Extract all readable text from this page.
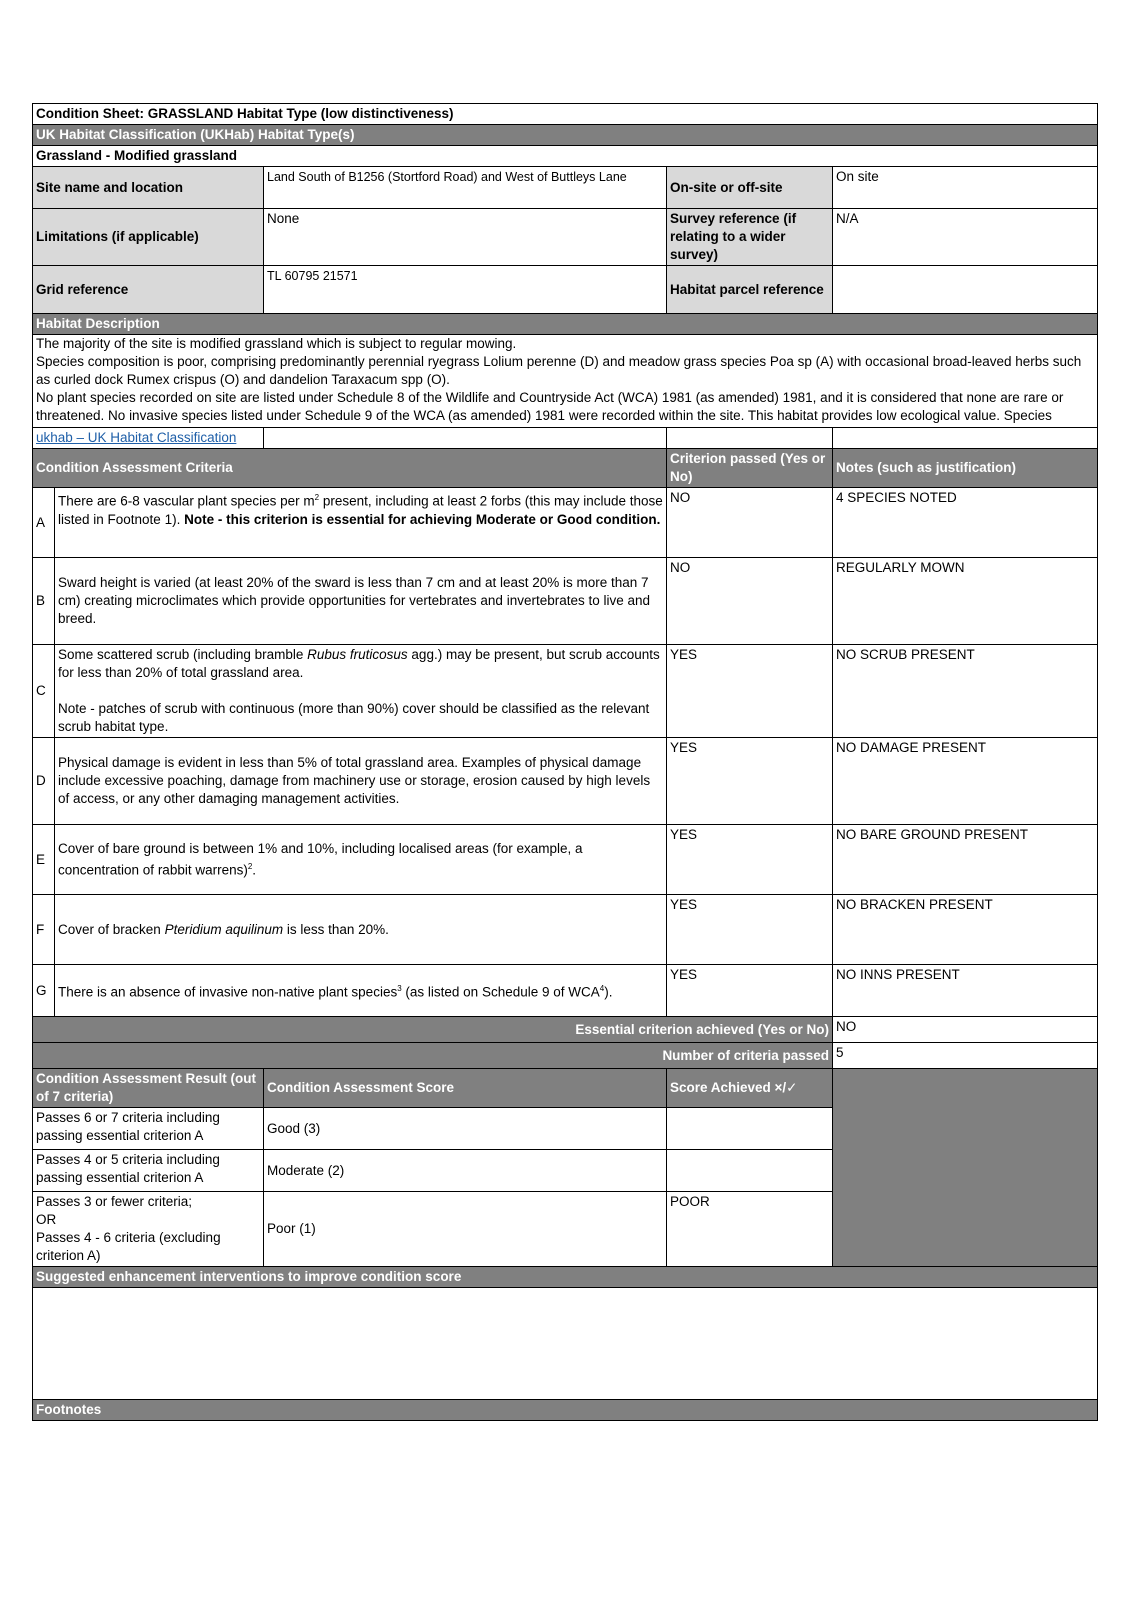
Condition Sheet: GRASSLAND Habitat Type (low distinctiveness)				
UK Habitat Classification (UKHab) Habitat Type(s)				
Grassland - Modified grassland				
Site name and location		Land South of B1256 (Stortford Road) and West of Buttleys Lane	On-site or off-site	On site
Limitations (if applicable)		None	Survey reference (if relating to a wider survey)	N/A
Grid reference		TL 60795 21571	Habitat parcel reference	
Habitat Description				

The majority of the site is modified grassland which is subject to regular mowing.
Species composition is poor, comprising predominantly perennial ryegrass Lolium perenne (D) and meadow grass species Poa sp (A) with occasional broad-leaved herbs such as curled dock Rumex crispus (O) and dandelion Taraxacum spp (O).
No plant species recorded on site are listed under Schedule 8 of the Wildlife and Countryside Act (WCA) 1981 (as amended) 1981, and it is considered that none are rare or threatened. No invasive species listed under Schedule 9 of the WCA (as amended) 1981 were recorded within the site. This habitat provides low ecological value. Species				

ukhab – UK Habitat Classification				
Condition Assessment Criteria			Criterion passed (Yes or No)	Notes (such as justification)
A	There are 6-8 vascular plant species per $m^2$ present, including at least 2 forbs (this may include those listed in Footnote 1). Note - this criterion is essential for achieving Moderate or Good condition.		NO	4 SPECIES NOTED
B	Sward height is varied (at least 20% of the sward is less than 7 cm and at least 20% is more than 7 cm) creating microclimates which provide opportunities for vertebrates and invertebrates to live and breed.		NO	REGULARLY MOWN
C	Some scattered scrub (including bramble Rubus fruticosus agg.) may be present, but scrub accounts for less than 20% of total grassland area.

Note - patches of scrub with continuous (more than 90%) cover should be classified as the relevant scrub habitat type.		YES	NO SCRUB PRESENT
D	Physical damage is evident in less than 5% of total grassland area. Examples of physical damage include excessive poaching, damage from machinery use or storage, erosion caused by high levels of access, or any other damaging management activities.		YES	NO DAMAGE PRESENT
E	Cover of bare ground is between 1% and 10%, including localised areas (for example, a concentration of rabbit warrens)$^2$.		YES	NO BARE GROUND PRESENT
F	Cover of bracken Pteridium aquilinum is less than 20%.		YES	NO BRACKEN PRESENT
G	There is an absence of invasive non-native plant species$^3$ (as listed on Schedule 9 of WCA$^4$).		YES	NO INNS PRESENT
Essential criterion achieved (Yes or No)				NO
Number of criteria passed				5
Condition Assessment Result (out of 7 criteria)		Condition Assessment Score	Score Achieved ×/✓	
Passes 6 or 7 criteria including passing essential criterion A		Good (3)		
Passes 4 or 5 criteria including passing essential criterion A		Moderate (2)		

Passes 3 or fewer criteria;
OR
Passes 4 - 6 criteria (excluding criterion A)		Poor (1)	POOR	
Suggested enhancement interventions to improve condition score				

Footnotes				
